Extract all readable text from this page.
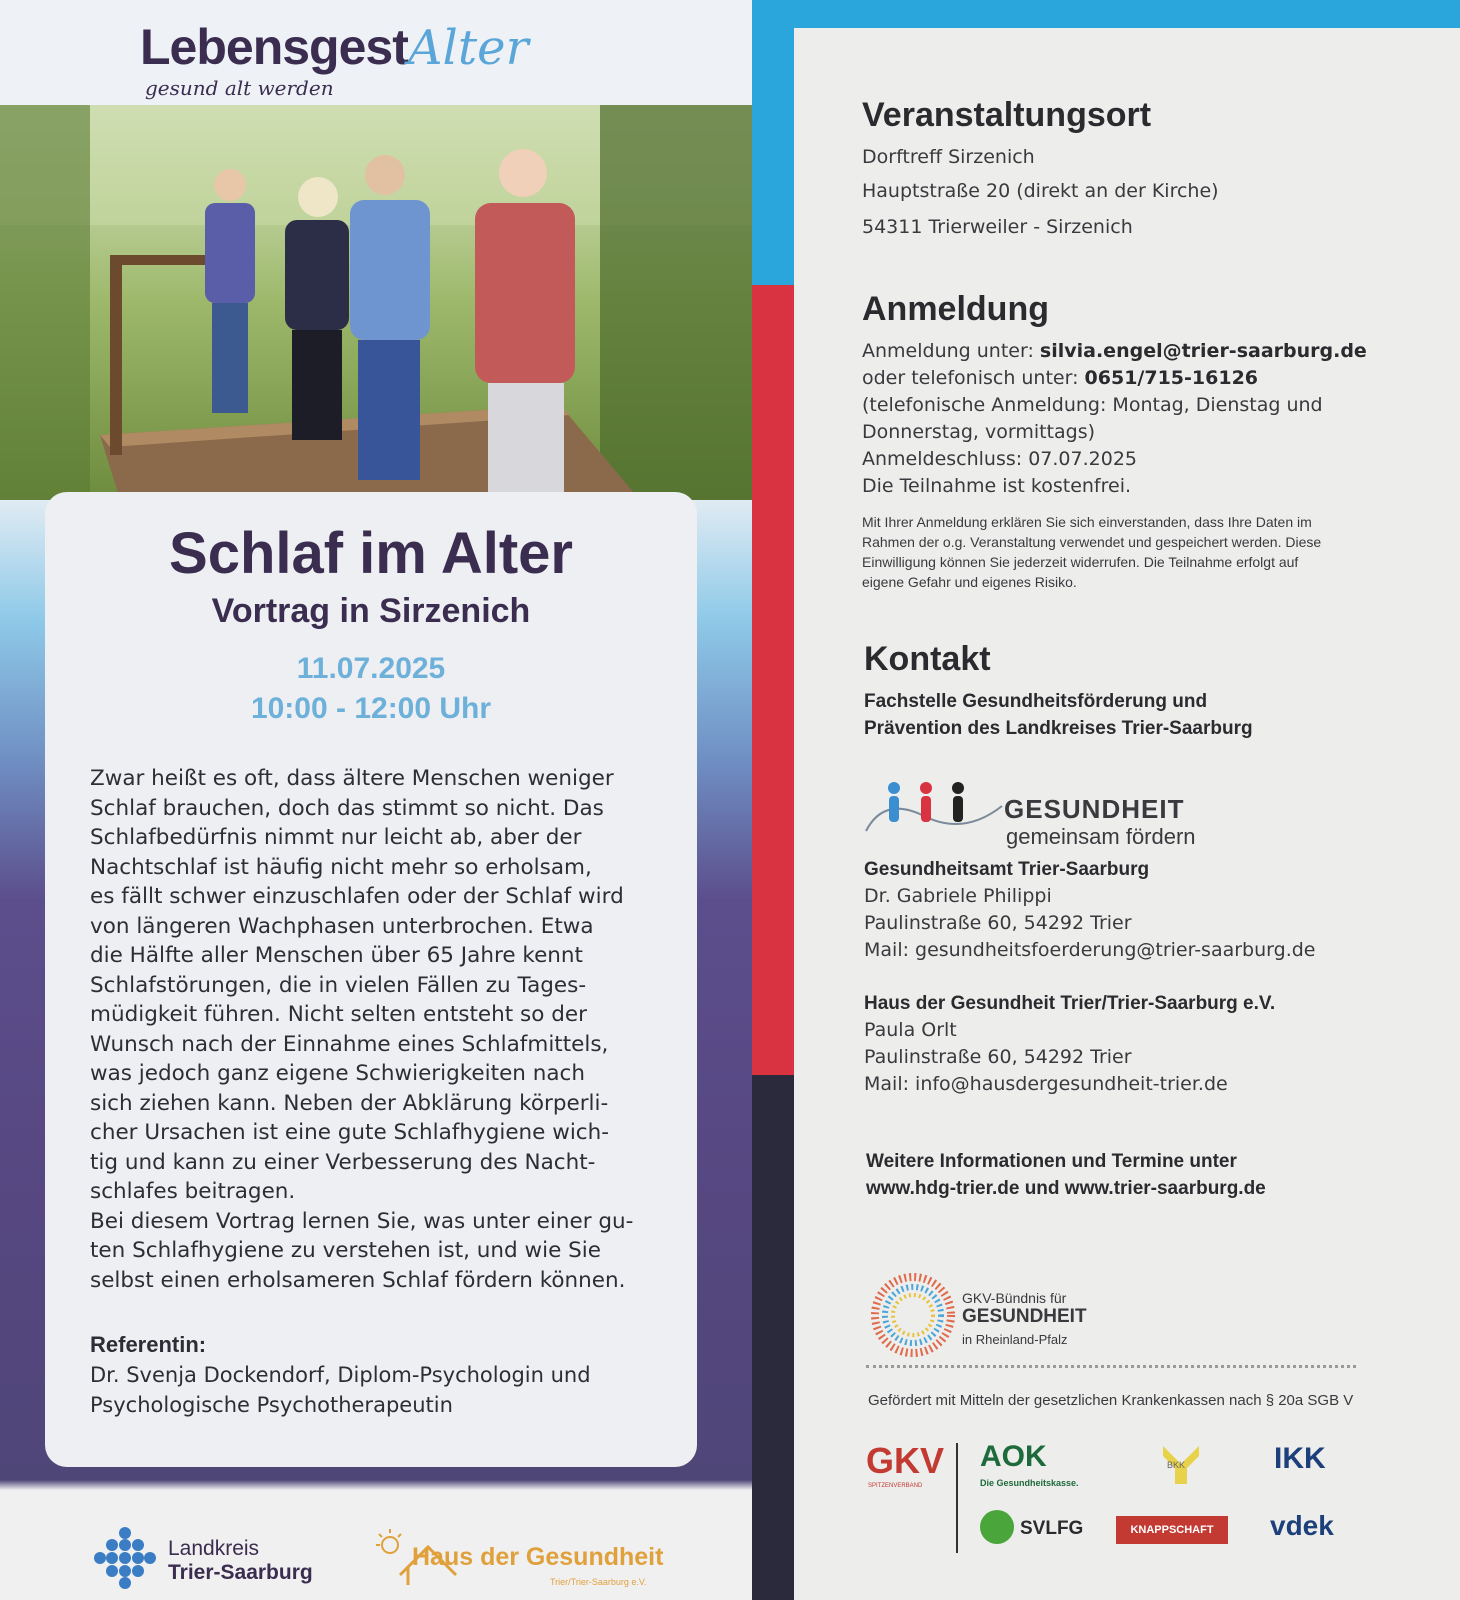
LebensgestAlter
gesund alt werden
Schlaf im Alter
Vortrag in Sirzenich
11.07.2025
10:00 - 12:00 Uhr

Zwar heißt es oft, dass ältere Menschen weniger

Schlaf brauchen, doch das stimmt so nicht. Das

Schlafbedürfnis nimmt nur leicht ab, aber der

Nachtschlaf ist häufig nicht mehr so erholsam,

es fällt schwer einzuschlafen oder der Schlaf wird

von längeren Wachphasen unterbrochen. Etwa

die Hälfte aller Menschen über 65 Jahre kennt

Schlafstörungen, die in vielen Fällen zu Tages-

müdigkeit führen. Nicht selten entsteht so der

Wunsch nach der Einnahme eines Schlafmittels,

was jedoch ganz eigene Schwierigkeiten nach

sich ziehen kann. Neben der Abklärung körperli-

cher Ursachen ist eine gute Schlafhygiene wich-

tig und kann zu einer Verbesserung des Nacht-

schlafes beitragen.

Bei diesem Vortrag lernen Sie, was unter einer gu-

ten Schlafhygiene zu verstehen ist, und wie Sie

selbst einen erholsameren Schlaf fördern können.

Referentin:
Dr. Svenja Dockendorf, Diplom-Psychologin und
Psychologische Psychotherapeutin
Landkreis
Trier-Saarburg
Haus der Gesundheit
Trier/Trier-Saarburg e.V.
Veranstaltungsort
Dorftreff Sirzenich
Hauptstraße 20 (direkt an der Kirche)
54311 Trierweiler - Sirzenich
Anmeldung
Anmeldung unter: silvia.engel@trier-saarburg.de
oder telefonisch unter: 0651/715-16126
(telefonische Anmeldung: Montag, Dienstag und
Donnerstag, vormittags)
Anmeldeschluss: 07.07.2025
Die Teilnahme ist kostenfrei.
Mit Ihrer Anmeldung erklären Sie sich einverstanden, dass Ihre Daten im
Rahmen der o.g. Veranstaltung verwendet und gespeichert werden. Diese
Einwilligung können Sie jederzeit widerrufen. Die Teilnahme erfolgt auf
eigene Gefahr und eigenes Risiko.
Kontakt
Fachstelle Gesundheitsförderung und
Prävention des Landkreises Trier-Saarburg
GESUNDHEIT
gemeinsam fördern
Gesundheitsamt Trier-Saarburg
Dr. Gabriele Philippi
Paulinstraße 60, 54292 Trier
Mail: gesundheitsfoerderung@trier-saarburg.de
Haus der Gesundheit Trier/Trier-Saarburg e.V.
Paula Orlt
Paulinstraße 60, 54292 Trier
Mail: info@hausdergesundheit-trier.de
Weitere Informationen und Termine unter
www.hdg-trier.de und www.trier-saarburg.de
GKV-Bündnis für
GESUNDHEIT
in Rheinland-Pfalz
Gefördert mit Mitteln der gesetzlichen Krankenkassen nach § 20a SGB V
GKV
SPITZENVERBAND
AOK
Die Gesundheitskasse.
BKK	IKK
SVLFG	KNAPPSCHAFT	vdek
